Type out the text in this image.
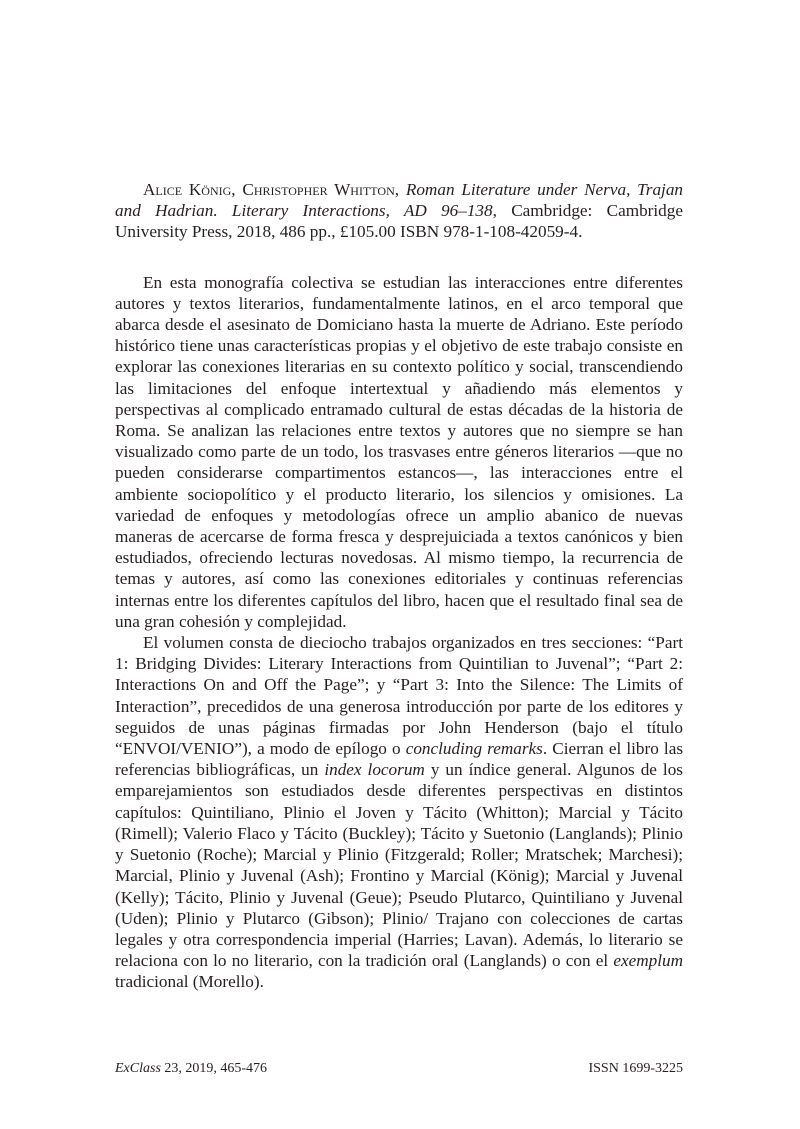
Alice König, Christopher Whitton, Roman Literature under Nerva, Trajan and Hadrian. Literary Interactions, AD 96–138, Cambridge: Cambridge University Press, 2018, 486 pp., £105.00 ISBN 978-1-108-42059-4.

En esta monografía colectiva se estudian las interacciones entre diferentes autores y textos literarios, fundamentalmente latinos, en el arco temporal que abarca desde el asesinato de Domiciano hasta la muerte de Adriano. Este período histórico tiene unas características propias y el objetivo de este trabajo consiste en explorar las conexiones literarias en su contexto político y social, transcendiendo las limitaciones del enfoque intertextual y añadiendo más elementos y perspectivas al complicado entramado cultural de estas décadas de la historia de Roma. Se analizan las relaciones entre textos y autores que no siempre se han visualizado como parte de un todo, los trasvases entre géneros literarios —que no pueden considerarse compartimentos estancos—, las interacciones entre el ambiente sociopolítico y el producto literario, los silencios y omisiones. La variedad de enfoques y metodologías ofrece un amplio abanico de nuevas maneras de acercarse de forma fresca y desprejuiciada a textos canónicos y bien estudiados, ofreciendo lecturas novedosas. Al mismo tiempo, la recurrencia de temas y autores, así como las conexiones editoriales y continuas referencias internas entre los diferentes capítulos del libro, hacen que el resultado final sea de una gran cohesión y complejidad.

El volumen consta de dieciocho trabajos organizados en tres secciones: “Part 1: Bridging Divides: Literary Interactions from Quintilian to Juvenal”; “Part 2: Interactions On and Off the Page”; y “Part 3: Into the Silence: The Limits of Interaction”, precedidos de una generosa introducción por parte de los editores y seguidos de unas páginas firmadas por John Henderson (bajo el título “ENVOI/VENIO”), a modo de epílogo o concluding remarks. Cierran el libro las referencias bibliográficas, un index locorum y un índice general. Algunos de los emparejamientos son estudiados desde diferentes perspectivas en distintos capítulos: Quintiliano, Plinio el Joven y Tácito (Whitton); Marcial y Tácito (Rimell); Valerio Flaco y Tácito (Buckley); Tácito y Suetonio (Langlands); Plinio y Suetonio (Roche); Marcial y Plinio (Fitzgerald; Roller; Mratschek; Marchesi); Marcial, Plinio y Juvenal (Ash); Frontino y Marcial (König); Marcial y Juvenal (Kelly); Tácito, Plinio y Juvenal (Geue); Pseudo Plutarco, Quintiliano y Juvenal (Uden); Plinio y Plutarco (Gibson); Plinio/ Trajano con colecciones de cartas legales y otra correspondencia imperial (Harries; Lavan). Además, lo literario se relaciona con lo no literario, con la tradición oral (Langlands) o con el exemplum tradicional (Morello).

ExClass 23, 2019, 465-476	ISSN 1699-3225
